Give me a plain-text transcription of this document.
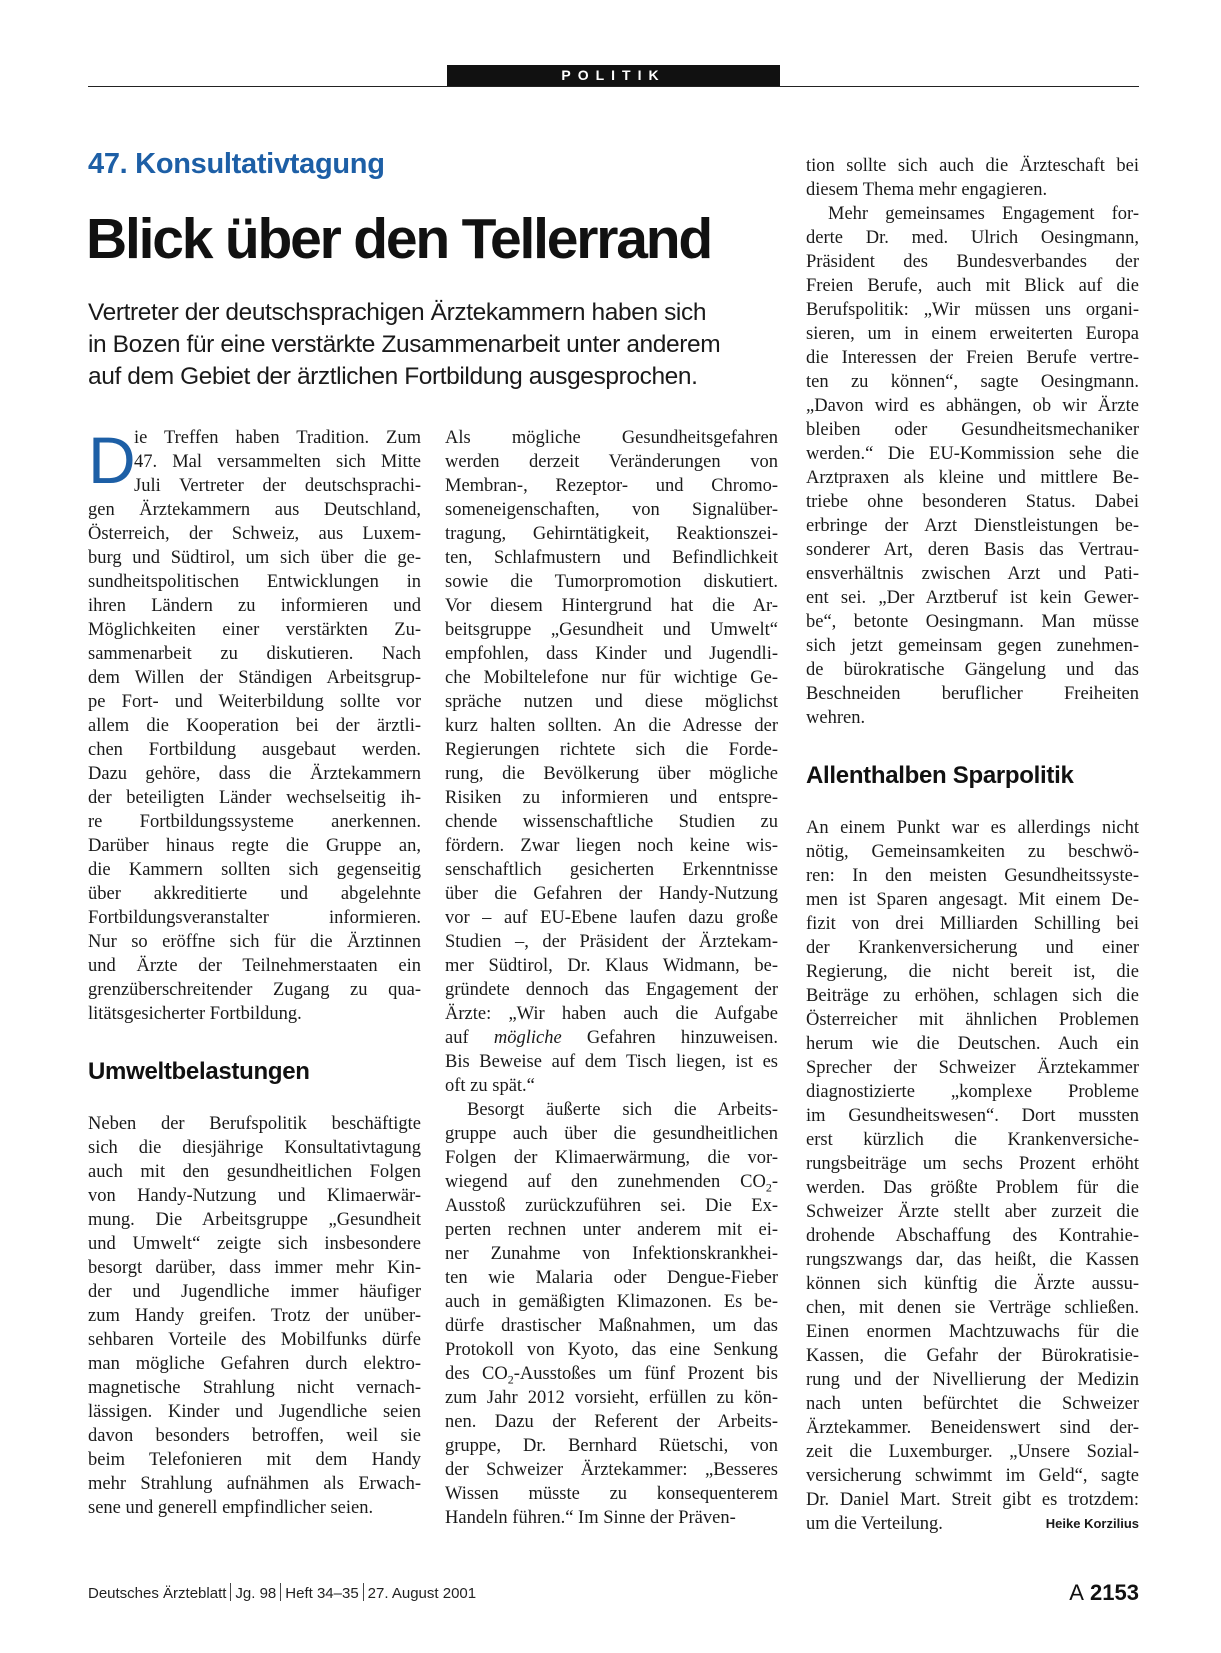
POLITIK
47. Konsultativtagung
Blick über den Tellerrand
Vertreter der deutschsprachigen Ärztekammern haben sich
in Bozen für eine verstärkte Zusammenarbeit unter anderem
auf dem Gebiet der ärztlichen Fortbildung ausgesprochen.
D
ie Treffen haben Tradition. Zum
47. Mal versammelten sich Mitte
Juli Vertreter der deutschsprachi-
gen Ärztekammern aus Deutschland,
Österreich, der Schweiz, aus Luxem-
burg und Südtirol, um sich über die ge-
sundheitspolitischen Entwicklungen in
ihren Ländern zu informieren und
Möglichkeiten einer verstärkten Zu-
sammenarbeit zu diskutieren. Nach
dem Willen der Ständigen Arbeitsgrup-
pe Fort- und Weiterbildung sollte vor
allem die Kooperation bei der ärztli-
chen Fortbildung ausgebaut werden.
Dazu gehöre, dass die Ärztekammern
der beteiligten Länder wechselseitig ih-
re Fortbildungssysteme anerkennen.
Darüber hinaus regte die Gruppe an,
die Kammern sollten sich gegenseitig
über akkreditierte und abgelehnte
Fortbildungsveranstalter informieren.
Nur so eröffne sich für die Ärztinnen
und Ärzte der Teilnehmerstaaten ein
grenzüberschreitender Zugang zu qua-
litätsgesicherter Fortbildung.
Umweltbelastungen
Neben der Berufspolitik beschäftigte
sich die diesjährige Konsultativtagung
auch mit den gesundheitlichen Folgen
von Handy-Nutzung und Klimaerwär-
mung. Die Arbeitsgruppe „Gesundheit
und Umwelt“ zeigte sich insbesondere
besorgt darüber, dass immer mehr Kin-
der und Jugendliche immer häufiger
zum Handy greifen. Trotz der unüber-
sehbaren Vorteile des Mobilfunks dürfe
man mögliche Gefahren durch elektro-
magnetische Strahlung nicht vernach-
lässigen. Kinder und Jugendliche seien
davon besonders betroffen, weil sie
beim Telefonieren mit dem Handy
mehr Strahlung aufnähmen als Erwach-
sene und generell empfindlicher seien.
Als mögliche Gesundheitsgefahren
werden derzeit Veränderungen von
Membran-, Rezeptor- und Chromo-
someneigenschaften, von Signalüber-
tragung, Gehirntätigkeit, Reaktionszei-
ten, Schlafmustern und Befindlichkeit
sowie die Tumorpromotion diskutiert.
Vor diesem Hintergrund hat die Ar-
beitsgruppe „Gesundheit und Umwelt“
empfohlen, dass Kinder und Jugendli-
che Mobiltelefone nur für wichtige Ge-
spräche nutzen und diese möglichst
kurz halten sollten. An die Adresse der
Regierungen richtete sich die Forde-
rung, die Bevölkerung über mögliche
Risiken zu informieren und entspre-
chende wissenschaftliche Studien zu
fördern. Zwar liegen noch keine wis-
senschaftlich gesicherten Erkenntnisse
über die Gefahren der Handy-Nutzung
vor – auf EU-Ebene laufen dazu große
Studien –, der Präsident der Ärztekam-
mer Südtirol, Dr. Klaus Widmann, be-
gründete dennoch das Engagement der
Ärzte: „Wir haben auch die Aufgabe
auf mögliche Gefahren hinzuweisen.
Bis Beweise auf dem Tisch liegen, ist es
oft zu spät.“
Besorgt äußerte sich die Arbeits-
gruppe auch über die gesundheitlichen
Folgen der Klimaerwärmung, die vor-
wiegend auf den zunehmenden $CO_2-$
Ausstoß zurückzuführen sei. Die Ex-
perten rechnen unter anderem mit ei-
ner Zunahme von Infektionskrankhei-
ten wie Malaria oder Dengue-Fieber
auch in gemäßigten Klimazonen. Es be-
dürfe drastischer Maßnahmen, um das
Protokoll von Kyoto, das eine Senkung
des $CO_2$-Ausstoßes um fünf Prozent bis
zum Jahr 2012 vorsieht, erfüllen zu kön-
nen. Dazu der Referent der Arbeits-
gruppe, Dr. Bernhard Rüetschi, von
der Schweizer Ärztekammer: „Besseres
Wissen müsste zu konsequenterem
Handeln führen.“ Im Sinne der Präven-
tion sollte sich auch die Ärzteschaft bei
diesem Thema mehr engagieren.
Mehr gemeinsames Engagement for-
derte Dr. med. Ulrich Oesingmann,
Präsident des Bundesverbandes der
Freien Berufe, auch mit Blick auf die
Berufspolitik: „Wir müssen uns organi-
sieren, um in einem erweiterten Europa
die Interessen der Freien Berufe vertre-
ten zu können“, sagte Oesingmann.
„Davon wird es abhängen, ob wir Ärzte
bleiben oder Gesundheitsmechaniker
werden.“ Die EU-Kommission sehe die
Arztpraxen als kleine und mittlere Be-
triebe ohne besonderen Status. Dabei
erbringe der Arzt Dienstleistungen be-
sonderer Art, deren Basis das Vertrau-
ensverhältnis zwischen Arzt und Pati-
ent sei. „Der Arztberuf ist kein Gewer-
be“, betonte Oesingmann. Man müsse
sich jetzt gemeinsam gegen zunehmen-
de bürokratische Gängelung und das
Beschneiden beruflicher Freiheiten
wehren.
Allenthalben Sparpolitik
An einem Punkt war es allerdings nicht
nötig, Gemeinsamkeiten zu beschwö-
ren: In den meisten Gesundheitssyste-
men ist Sparen angesagt. Mit einem De-
fizit von drei Milliarden Schilling bei
der Krankenversicherung und einer
Regierung, die nicht bereit ist, die
Beiträge zu erhöhen, schlagen sich die
Österreicher mit ähnlichen Problemen
herum wie die Deutschen. Auch ein
Sprecher der Schweizer Ärztekammer
diagnostizierte „komplexe Probleme
im Gesundheitswesen“. Dort mussten
erst kürzlich die Krankenversiche-
rungsbeiträge um sechs Prozent erhöht
werden. Das größte Problem für die
Schweizer Ärzte stellt aber zurzeit die
drohende Abschaffung des Kontrahie-
rungszwangs dar, das heißt, die Kassen
können sich künftig die Ärzte aussu-
chen, mit denen sie Verträge schließen.
Einen enormen Machtzuwachs für die
Kassen, die Gefahr der Bürokratisie-
rung und der Nivellierung der Medizin
nach unten befürchtet die Schweizer
Ärztekammer. Beneidenswert sind der-
zeit die Luxemburger. „Unsere Sozial-
versicherung schwimmt im Geld“, sagte
Dr. Daniel Mart. Streit gibt es trotzdem:
um die Verteilung.	Heike Korzilius
Deutsches Ärzteblatt Jg. 98 Heft 34–35 27. August 2001	A 2153
